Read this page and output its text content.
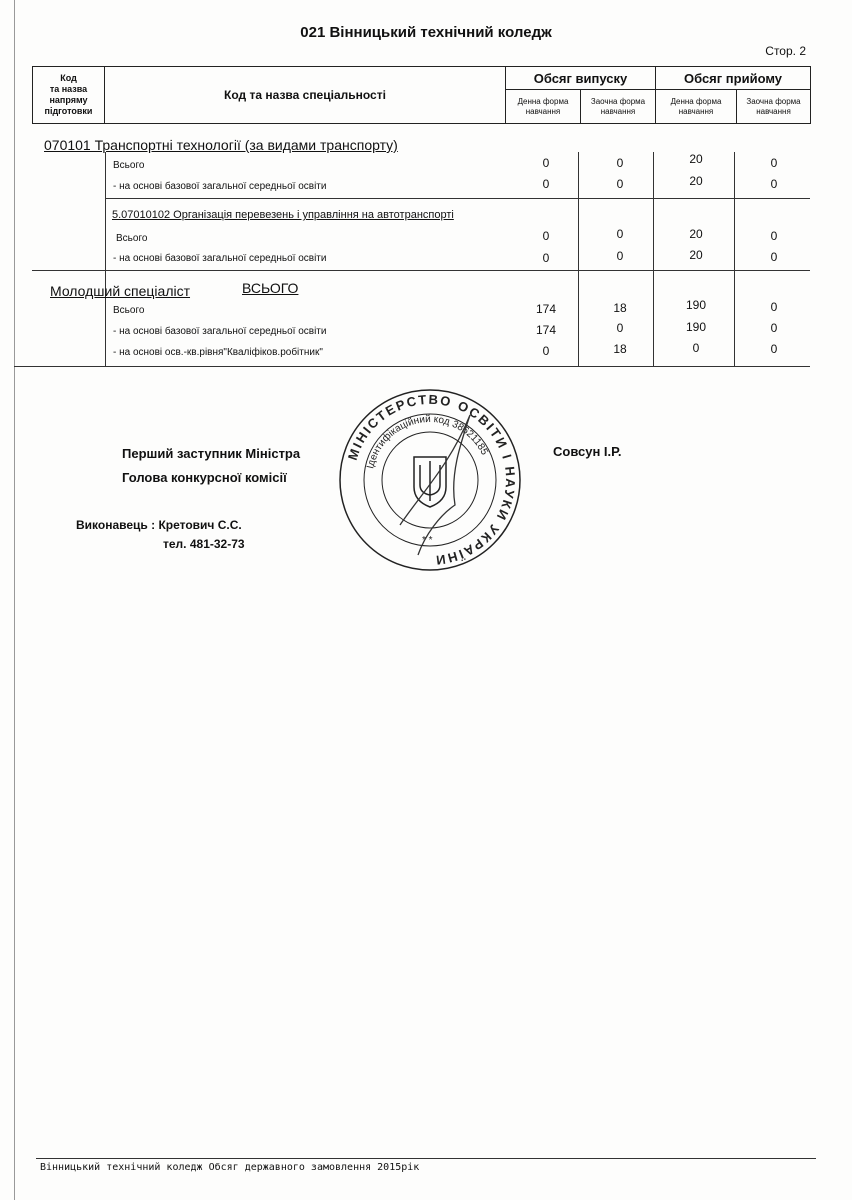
021 Вінницький технічний коледж
Стор. 2
Код
та назва
напряму
підготовки	Код та назва спеціальності	Обсяг випуску		Обсяг прийому	
		Денна форма навчання	Заочна форма навчання	Денна форма навчання	Заочна форма навчання
070101 Транспортні технології (за видами транспорту)
Всього	0	0	20	0
- на основі базової загальної середньої освіти	0	0	20	0
5.07010102 Організація перевезень і управління на автотранспорті
Всього	0	0	20	0
- на основі базової загальної середньої освіти	0	0	20	0
Молодший спеціаліст	ВСЬОГО
Всього	174	18	190	0
- на основі базової загальної середньої освіти	174	0	190	0
- на основі осв.-кв.рівня"Кваліфіков.робітник"	0	18	0	0
МІНІСТЕРСТВО ОСВІТИ І НАУКИ УКРАЇНИ
Ідентифікаційний код 38621185
* *
Перший заступник Міністра
Голова конкурсної комісії
Совсун І.Р.
Виконавець : Кретович С.С.
тел. 481-32-73
Вінницький технічний коледж Обсяг державного замовлення 2015рік
